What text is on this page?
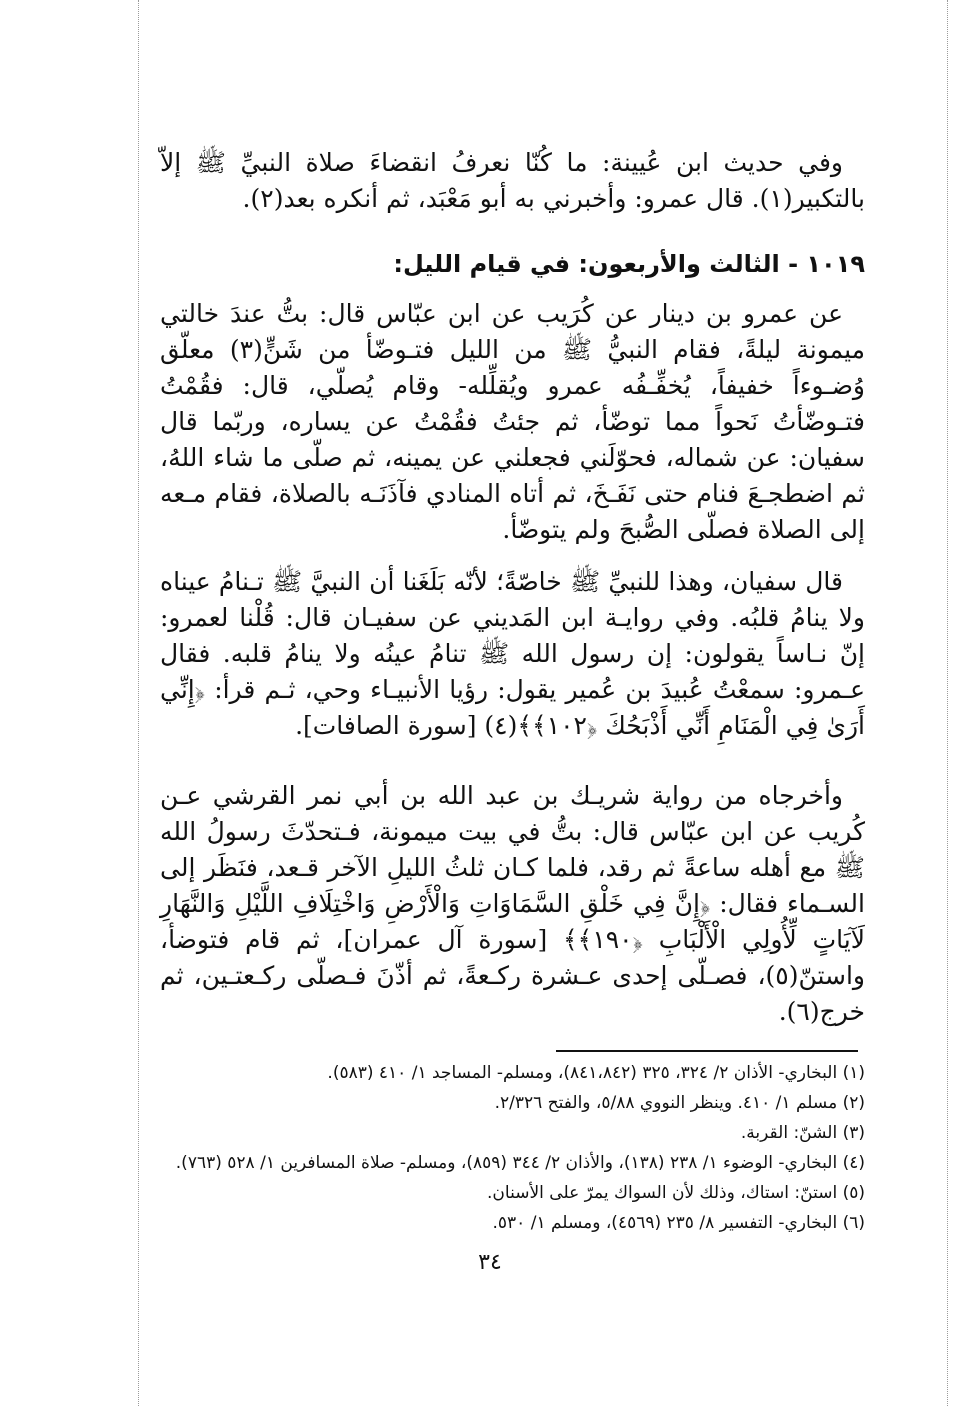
وفي حديث ابن عُيينة: ما كُنّا نعرفُ انقضاءَ صلاة النبيِّ ﷺ إلاّ بالتكبير(١). قال عمرو: وأخبرني به أبو مَعْبَد، ثم أنكره بعد(٢).

١٠١٩ - الثالث والأربعون: في قيام الليل:

عن عمرو بن دينار عن كُرَيب عن ابن عبّاس قال: بتُّ عندَ خالتي ميمونة ليلةً، فقام النبيُّ ﷺ من الليل فتـوضّأ من شَنٍّ(٣) معلّق وُضـوءاً خفيفاً، يُخفِّـفُه عمرو ويُقلِّله- وقام يُصلّي، قال: فقُمْتُ فتـوضّأتُ نَحواً مما توضّأ، ثم جئتُ فقُمْتُ عن يساره، وربّما قال سفيان: عن شماله، فحوّلَني فجعلني عن يمينه، ثم صلّى ما شاء اللهُ، ثم اضطجـعَ فنام حتى نَفَـخَ، ثم أتاه المنادي فآذَنَـه بالصلاة، فقام مـعه إلى الصلاة فصلّى الصُّبحَ ولم يتوضّأ.

قال سفيان، وهذا للنبيِّ ﷺ خاصّةً؛ لأنّه بَلَغَنا أن النبيَّ ﷺ تـنامُ عيناه ولا ينامُ قلبُه. وفي روايـة ابن المَديني عن سفيـان قال: قُلْنا لعمرو: إنّ نـاساً يقولون: إن رسول الله ﷺ تنامُ عينُه ولا ينامُ قلبه. فقال عـمرو: سمعْتُ عُبيدَ بن عُمير يقول: رؤيا الأنبيـاء وحي، ثـم قرأ: ﴿إِنِّي أَرَىٰ فِي الْمَنَامِ أَنِّي أَذْبَحُكَ ﴿١٠٢﴾﴾(٤) [سورة الصافات].

وأخرجاه من رواية شريـك بن عبد الله بن أبي نمر القرشي عـن كُريب عن ابن عبّاس قال: بتُّ في بيت ميمونة، فـتحدّثَ رسولُ الله ﷺ مع أهله ساعةً ثم رقد، فلما كـان ثلثُ الليلِ الآخر قـعد، فنَظَر إلى السـماء فقال: ﴿إِنَّ فِي خَلْقِ السَّمَاوَاتِ وَالْأَرْضِ وَاخْتِلَافِ اللَّيْلِ وَالنَّهَارِ لَآيَاتٍ لِّأُولِي الْأَلْبَابِ ﴿١٩٠﴾﴾ [سورة آل عمران]، ثم قام فتوضأ، واستنّ(٥)، فصـلّى إحدى عـشرة ركـعةً، ثم أذّنَ فـصلّى ركـعتـين، ثم خرج(٦).

(١) البخاري- الأذان ٢/ ٣٢٤، ٣٢٥ (٨٤١،٨٤٢)، ومسلم- المساجد ١/ ٤١٠ (٥٨٣).

(٢) مسلم ١/ ٤١٠. وينظر النووي ٥/٨٨، والفتح ٢/٣٢٦.

(٣) الشنّ: القربة.

(٤) البخاري- الوضوء ١/ ٢٣٨ (١٣٨)، والأذان ٢/ ٣٤٤ (٨٥٩)، ومسلم- صلاة المسافرين ١/ ٥٢٨ (٧٦٣).

(٥) استنّ: استاك، وذلك لأن السواك يمرّ على الأسنان.

(٦) البخاري- التفسير ٨/ ٢٣٥ (٤٥٦٩)، ومسلم ١/ ٥٣٠.

٣٤
